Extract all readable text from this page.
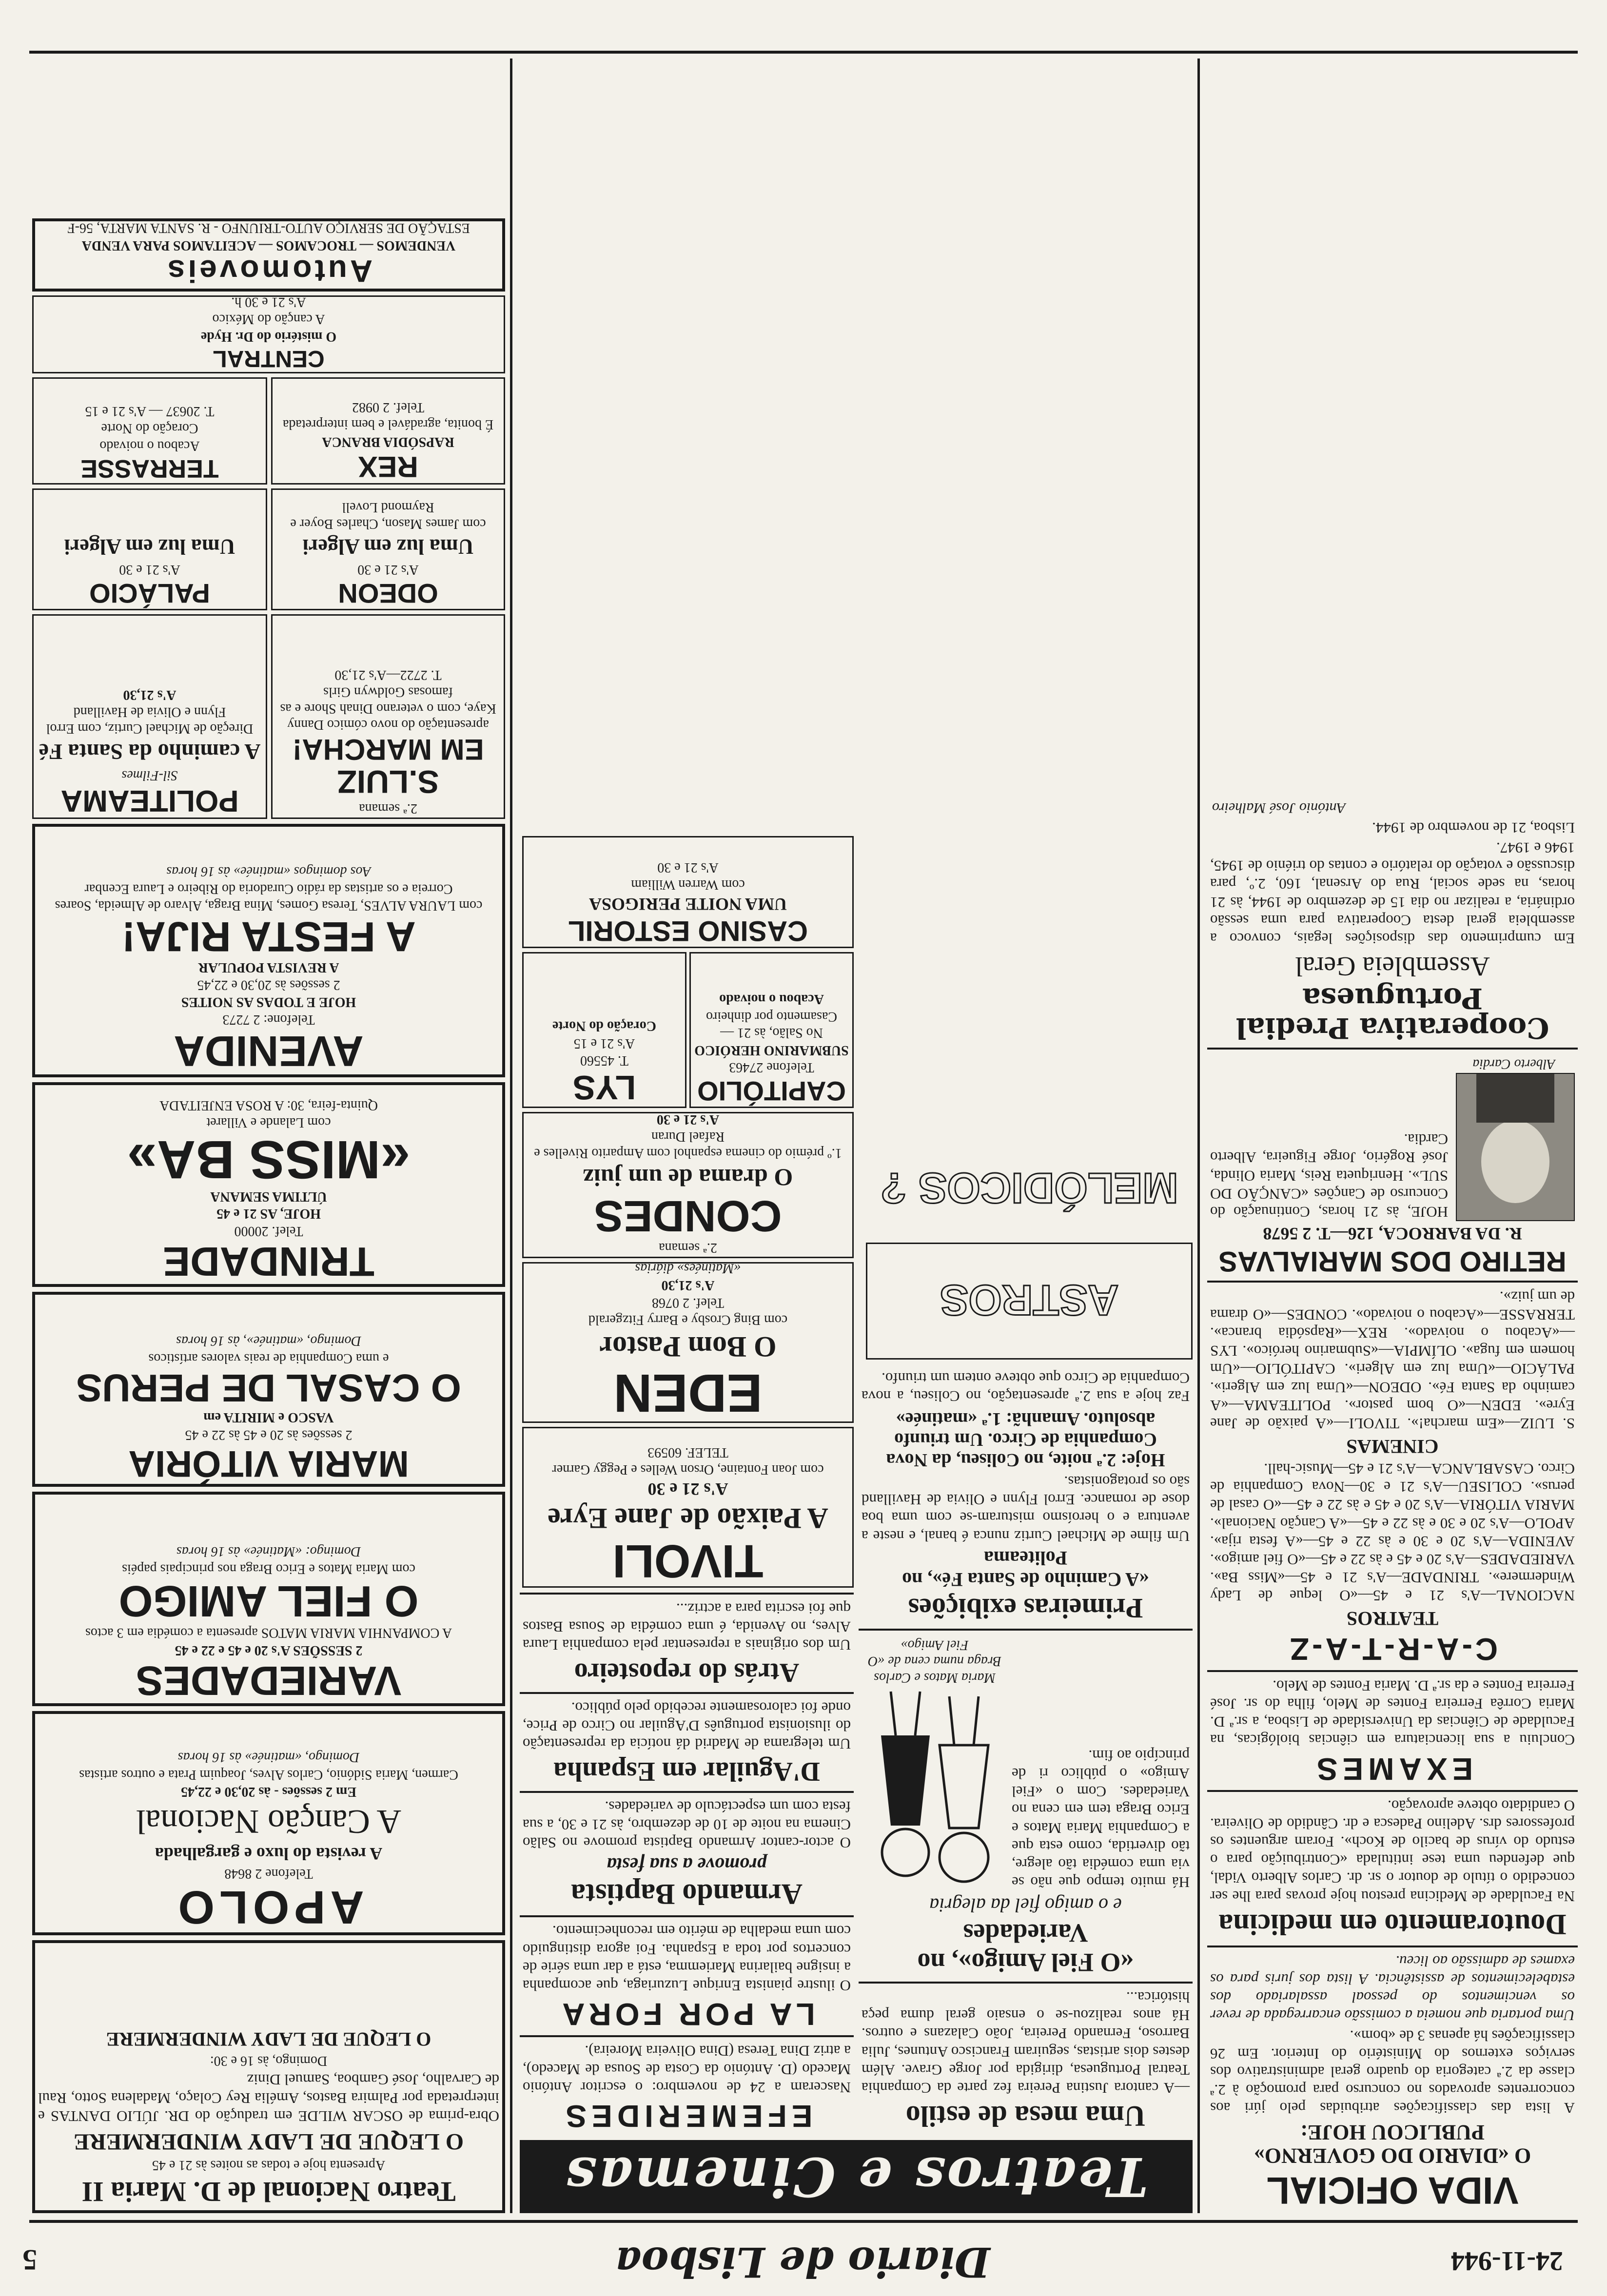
5	Diario de Lisboa	24-11-944
VIDA OFICIAL
O «DIARIO DO GOVERNO» PUBLICOU HOJE:
A lista das classificações atribuidas pelo júri aos concorrentes aprovados no concurso para promoção à 2.ª classe da 2.ª categoria do quadro geral administrativo dos serviços externos do Ministério do Interior. Em 26 classificações há apenas 3 de «bom».
Uma portaria que nomeia a comissão encarregada de rever os vencimentos do pessoal assalariado dos estabelecimentos de assistência. A lista dos juris para os exames de admissão ao liceu.
Doutoramento em medicina
Na Faculdade de Medicina prestou hoje provas para lhe ser concedido o título de doutor o sr. dr. Carlos Alberto Vidal, que defendeu uma tese intitulada «Contribuição para o estudo do vírus de bacilo de Koch». Foram arguentes os professores drs. Adelino Padesca e dr. Cândido de Oliveira. O candidato obteve aprovação.
EXAMES
Concluiu a sua licenciatura em ciências biológicas, na Faculdade de Ciências da Universidade de Lisboa, a sr.ª D. Maria Corrêa Ferreira Fontes de Melo, filha do sr. José Ferreira Fontes e da sr.ª D. Maria Fontes de Melo.
C-A-R-T-A-Z
TEATROS
NACIONAL—A's 21 e 45—«O leque de Lady Windermere». TRINDADE—A's 21 e 45—«Miss Ba». VARIEDADES—A's 20 e 45 e às 22 e 45—«O fiel amigo». AVENIDA—A's 20 e 30 e às 22 e 45—«A festa rija». APOLO—A's 20 e 30 e às 22 e 45—«A Canção Nacional». MARIA VITÓRIA—A's 20 e 45 e às 22 e 45—«O casal de perus». COLISEU—A's 21 e 30—Nova Companhia de Circo. CASABLANCA—A's 21 e 45—Music-hall.
CINEMAS
S. LUIZ—«Em marcha!». TIVOLI—«A paixão de Jane Eyre». EDEN—«O bom pastor». POLITEAMA—«A caminho da Santa Fé». ODEON—«Uma luz em Algeri». PALÁCIO—«Uma luz em Algeri». CAPITÓLIO—«Um homem em fuga». OLÍMPIA—«Submarino heróico». LYS—«Acabou o noivado». REX—«Rapsódia branca». TERRASSE—«Acabou o noivado». CONDES—«O drama de um juiz».
RETIRO DOS MARIALVAS
R. DA BARROCA, 126—T. 2 5678
Alberto Cardia
HOJE, às 21 horas, Continuação do Concurso de Canções «CANÇÃO DO SUL». Henriqueta Reis, Maria Olinda, José Rogério, Jorge Figueira, Alberto Cardia.
Cooperativa Predial Portuguesa
Assembleia Geral
Em cumprimento das disposições legais, convoco a assembleia geral desta Cooperativa para uma sessão ordinária, a realizar no dia 15 de dezembro de 1944, às 21 horas, na sede social, Rua do Arsenal, 160, 2.º, para discussão e votação do relatório e contas do triénio de 1945, 1946 e 1947.
Lisboa, 21 de novembro de 1944.
António José Malheiro
Teatros e Cinemas
Uma mesa de estilo
—A cantora Justina Pereira fez parte da Companhia Teatral Portuguesa, dirigida por Jorge Grave. Além destes dois artistas, seguiram Francisco Antunes, Julia Barroso, Fernando Pereira, João Calazans e outros. Há anos realizou-se o ensaio geral duma peça histórica...
«O Fiel Amigo», no Variedades
e o amigo fiel da alegria
Há muito tempo que não se via uma comédia tão alegre, tão divertida, como esta que a Companhia Maria Matos e Erico Braga tem em cena no Variedades. Com o «Fiel Amigo» o público ri de princípio ao fim.
Maria Matos e Carlos Braga numa cena de «O Fiel Amigo»
Primeiras exibições
«A Caminho de Santa Fé», no Politeama
Um filme de Michael Curtiz nunca é banal, e neste a aventura e o heroísmo misturam-se com uma boa dose de romance. Errol Flynn e Olivia de Havilland são os protagonistas.
Hoje: 2.ª noite, no Coliseu, da Nova Companhia de Circo. Um triunfo absoluto. Amanhã: 1.ª «matinée»
Faz hoje a sua 2.ª apresentação, no Coliseu, a nova Companhia de Circo que obteve ontem um triunfo.
ASTROS MELÓDICOS ?
EFEMERIDES
Nasceram a 24 de novembro: o escritor António Macedo (D. António da Costa de Sousa de Macedo), a atriz Dina Teresa (Dina Oliveira Moreira).
LA POR FORA
O ilustre pianista Enrique Luzuriaga, que acompanha a insigne bailarina Mariemma, está a dar uma série de concertos por toda a Espanha. Foi agora distinguido com uma medalha de mérito em reconhecimento.
Armando Baptista
promove a sua festa
O actor-cantor Armando Baptista promove no Salão Cinema na noite de 10 de dezembro, às 21 e 30, a sua festa com um espectáculo de variedades.
D'Aguilar em Espanha
Um telegrama de Madrid dá notícia da representação do ilusionista português D'Aguilar no Circo de Price, onde foi calorosamente recebido pelo público.
Atrás do reposteiro
Um dos originais a representar pela companhia Laura Alves, no Avenida, é uma comédia de Sousa Bastos que foi escrita para a actriz...
TIVOLI
A Paixão de Jane Eyre
A's 21 e 30
com Joan Fontaine, Orson Welles e Peggy Garner
TELEF. 60593
EDEN
O Bom Pastor
com Bing Crosby e Barry Fitzgerald
Telef. 2 0768
A's 21,30
«Matinées» diárias
2.ª semana
CONDES
O drama de um juiz
1.º prémio do cinema espanhol com Amparito Rivelles e Rafael Duran
A's 21 e 30
CAPITÓLIO
Telefone 27463
SUBMARINO HERÓICO
No Salão, às 21 — Casamento por dinheiro
Acabou o noivado
LYS
T. 45560
A's 21 e 15
Coração do Norte
CASINO ESTORIL
UMA NOITE PERIGOSA
com Warren William
A's 21 e 30
Teatro Nacional de D. Maria II
Apresenta hoje e todas as noites às 21 e 45
O LEQUE DE LADY WINDERMERE
Obra-prima de OSCAR WILDE em tradução do DR. JÚLIO DANTAS e interpretada por Palmira Bastos, Amélia Rey Colaço, Madalena Sotto, Raul de Carvalho, José Gamboa, Samuel Diniz
Domingo, às 16 e 30:
O LEQUE DE LADY WINDERMERE
APOLO
Telefone 2 8648
A revista do luxo e gargalhada
A Canção Nacional
Em 2 sessões - às 20,30 e 22,45
Carmen, Maria Sidónio, Carlos Alves, Joaquim Prata e outros artistas
Domingo, «matinée» às 16 horas
VARIEDADES
2 SESSÕES A's 20 e 45 e 22 e 45
A COMPANHIA MARIA MATOS apresenta a comédia em 3 actos
O FIEL AMIGO
com Maria Matos e Erico Braga nos principais papéis
Domingo: «Matinée» às 16 horas
MARIA VITÓRIA
2 sessões às 20 e 45 às 22 e 45
VASCO e MIRITA em
O CASAL DE PERUS
e uma Companhia de reais valores artísticos
Domingo, «matinée», às 16 horas
TRINDADE
Telef. 20000
HOJE, AS 21 e 45
ÚLTIMA SEMANA
«MISS BA»
com Lalande e Villaret
Quinta-feira, 30: A ROSA ENJEITADA
AVENIDA
Telefone: 2 7273
HOJE E TODAS AS NOITES
2 sessões às 20,30 e 22,45
A REVISTA POPULAR
A FESTA RIJA!
com LAURA ALVES, Teresa Gomes, Mina Braga, Alvaro de Almeida, Soares Correia e os artistas da rádio Curadoria do Ribeiro e Laura Ecenbar
Aos domingos «matinée» às 16 horas
2.ª semana
S.LUIZ
EM MARCHA!
apresentação do novo cómico Danny Kaye, com o veterano Dinah Shore e as famosas Goldwyn Girls
T. 2722—A's 21,30
POLITEAMA
Sil-Filmes
A caminho da Santa Fé
Direção de Michael Curtiz, com Errol Flynn e Olivia de Havilland
A's 21,30
ODEON
A's 21 e 30
Uma luz em Algeri
com James Mason, Charles Boyer e Raymond Lovell
PALÁCIO
A's 21 e 30
Uma luz em Algeri
REX
RAPSÓDIA BRANCA
É bonita, agradável e bem interpretada
Telef. 2 0982
TERRASSE
Acabou o noivado
Coração do Norte
T. 20637 — A's 21 e 15
CENTRAL
O mistério do Dr. Hyde
A canção do México
A's 21 e 30 h.
Automoveis
VENDEMOS — TROCAMOS — ACEITAMOS PARA VENDA
ESTAÇÃO DE SERVIÇO AUTO-TRIUNFO - R. SANTA MARTA, 56-F
